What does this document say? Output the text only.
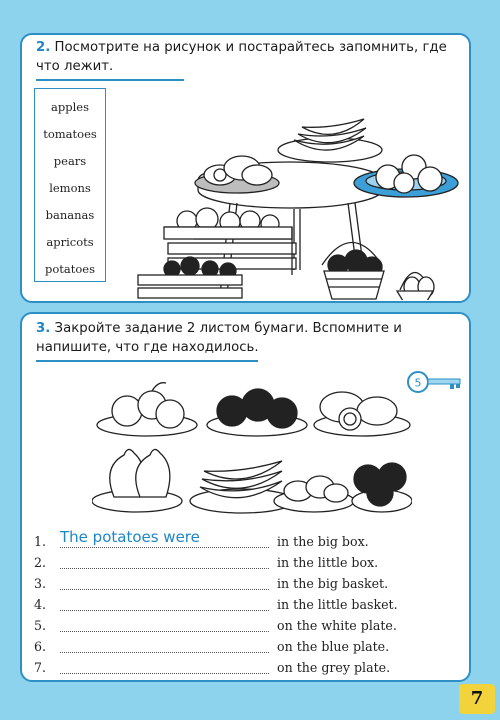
2. Посмотрите на рисунок и постарайтесь запомнить, где что лежит.

apples
tomatoes
pears
lemons
bananas
apricots
potatoes

3. Закройте задание 2 листом бумаги. Вспомните и напишите, что где находилось.

5
1. The potatoes were	in the big box.
2.	in the little box.
3.	in the big basket.
4.	in the little basket.
5.	on the white plate.
6.	on the blue plate.
7.	on the grey plate.
7
